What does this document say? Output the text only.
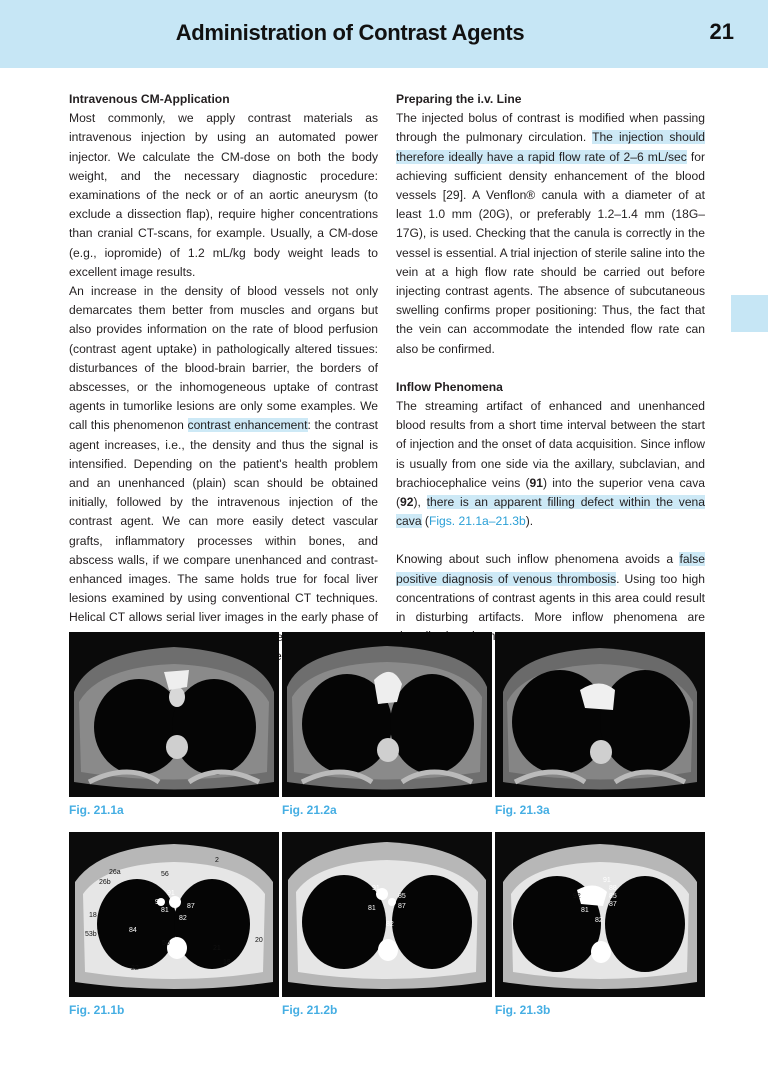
Administration of Contrast Agents	21
Intravenous CM-Application

Most commonly, we apply contrast materials as intravenous injection by using an automated power injector. We calculate the CM-dose on both the body weight, and the necessary diagnostic procedure: examinations of the neck or of an aortic aneurysm (to exclude a dissection flap), require higher concentrations than cranial CT-scans, for example. Usually, a CM-dose (e.g., iopromide) of 1.2 mL/kg body weight leads to excellent image results.

An increase in the density of blood vessels not only demarcates them better from muscles and organs but also provides information on the rate of blood perfusion (contrast agent uptake) in pathologically altered tissues: disturbances of the blood-brain barrier, the borders of abscesses, or the inhomogeneous uptake of contrast agents in tumorlike lesions are only some examples. We call this phenomenon contrast enhancement: the contrast agent increases, i.e., the density and thus the signal is intensified. Depending on the patient's health problem and an unenhanced (plain) scan should be obtained initially, followed by the intravenous injection of the contrast agent. We can more easily detect vascular grafts, inflammatory processes within bones, and abscess walls, if we compare unenhanced and contrast-enhanced images. The same holds true for focal liver lesions examined by using conventional CT techniques. Helical CT allows serial liver images in the early phase of

Preparing the i.v. Line

The injected bolus of contrast is modified when passing through the pulmonary circulation. The injection should therefore ideally have a rapid flow rate of 2–6 mL/sec for achieving sufficient density enhancement of the blood vessels [29]. A Venflon® canula with a diameter of at least 1.0 mm (20G), or preferably 1.2–1.4 mm (18G–17G), is used. Checking that the canula is correctly in the vessel is essential. A trial injection of sterile saline into the vein at a high flow rate should be carried out before injecting contrast agents. The absence of subcutaneous swelling confirms proper positioning: Thus, the fact that the vein can accommodate the intended flow rate can also be confirmed.

Inflow Phenomena

The streaming artifact of enhanced and unenhanced blood results from a short time interval between the start of injection and the onset of data acquisition. Since inflow is usually from one side via the axillary, subclavian, and brachiocephalice veins (91) into the superior vena cava (92), there is an apparent filling defect within the vena cava (Figs. 21.1a–21.3b).

Knowing about such inflow phenomena avoids a false positive diagnosis of venous thrombosis. Using too high concentrations of contrast agents in this area could result in disturbing artifacts. More inflow phenomena are

Fig. 21.1a	Fig. 21.2a	Fig. 21.3a
2
26a	56
26b
91
92
81
87
82
18
84
53b
50
21
20
22
19
Fig. 21.1b
91
85
87
81
82
Fig. 21.2b
91
88
85
92
87
81
82
Fig. 21.3b
